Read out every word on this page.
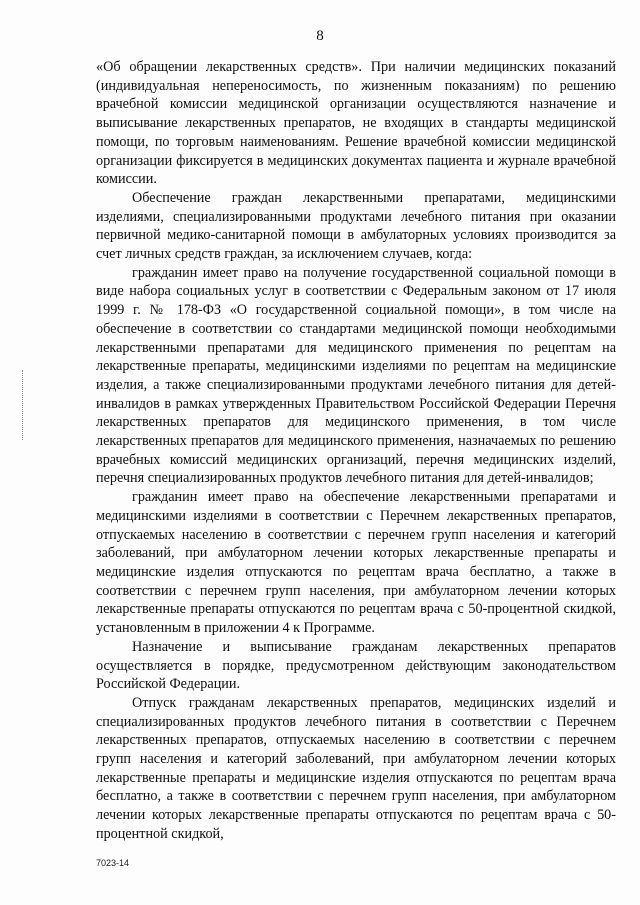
8

«Об обращении лекарственных средств». При наличии медицинских показаний (индивидуальная непереносимость, по жизненным показаниям) по решению врачебной комиссии медицинской организации осуществляются назначение и выписывание лекарственных препаратов, не входящих в стандарты медицинской помощи, по торговым наименованиям. Решение врачебной комиссии медицинской организации фиксируется в медицинских документах пациента и журнале врачебной комиссии.

Обеспечение граждан лекарственными препаратами, медицинскими изделиями, специализированными продуктами лечебного питания при оказании первичной медико-санитарной помощи в амбулаторных условиях производится за счет личных средств граждан, за исключением случаев, когда:

гражданин имеет право на получение государственной социальной помощи в виде набора социальных услуг в соответствии с Федеральным законом от 17 июля 1999 г. № 178-ФЗ «О государственной социальной помощи», в том числе на обеспечение в соответствии со стандартами медицинской помощи необходимыми лекарственными препаратами для медицинского применения по рецептам на лекарственные препараты, медицинскими изделиями по рецептам на медицинские изделия, а также специализированными продуктами лечебного питания для детей-инвалидов в рамках утвержденных Правительством Российской Федерации Перечня лекарственных препаратов для медицинского применения, в том числе лекарственных препаратов для медицинского применения, назначаемых по решению врачебных комиссий медицинских организаций, перечня медицинских изделий, перечня специализированных продуктов лечебного питания для детей-инвалидов;

гражданин имеет право на обеспечение лекарственными препаратами и медицинскими изделиями в соответствии с Перечнем лекарственных препаратов, отпускаемых населению в соответствии с перечнем групп населения и категорий заболеваний, при амбулаторном лечении которых лекарственные препараты и медицинские изделия отпускаются по рецептам врача бесплатно, а также в соответствии с перечнем групп населения, при амбулаторном лечении которых лекарственные препараты отпускаются по рецептам врача с 50-процентной скидкой, установленным в приложении 4 к Программе.

Назначение и выписывание гражданам лекарственных препаратов осуществляется в порядке, предусмотренном действующим законодательством Российской Федерации.

Отпуск гражданам лекарственных препаратов, медицинских изделий и специализированных продуктов лечебного питания в соответствии с Перечнем лекарственных препаратов, отпускаемых населению в соответствии с перечнем групп населения и категорий заболеваний, при амбулаторном лечении которых лекарственные препараты и медицинские изделия отпускаются по рецептам врача бесплатно, а также в соответствии с перечнем групп населения, при амбулаторном лечении которых лекарственные препараты отпускаются по рецептам врача с 50-процентной скидкой,

7023-14
